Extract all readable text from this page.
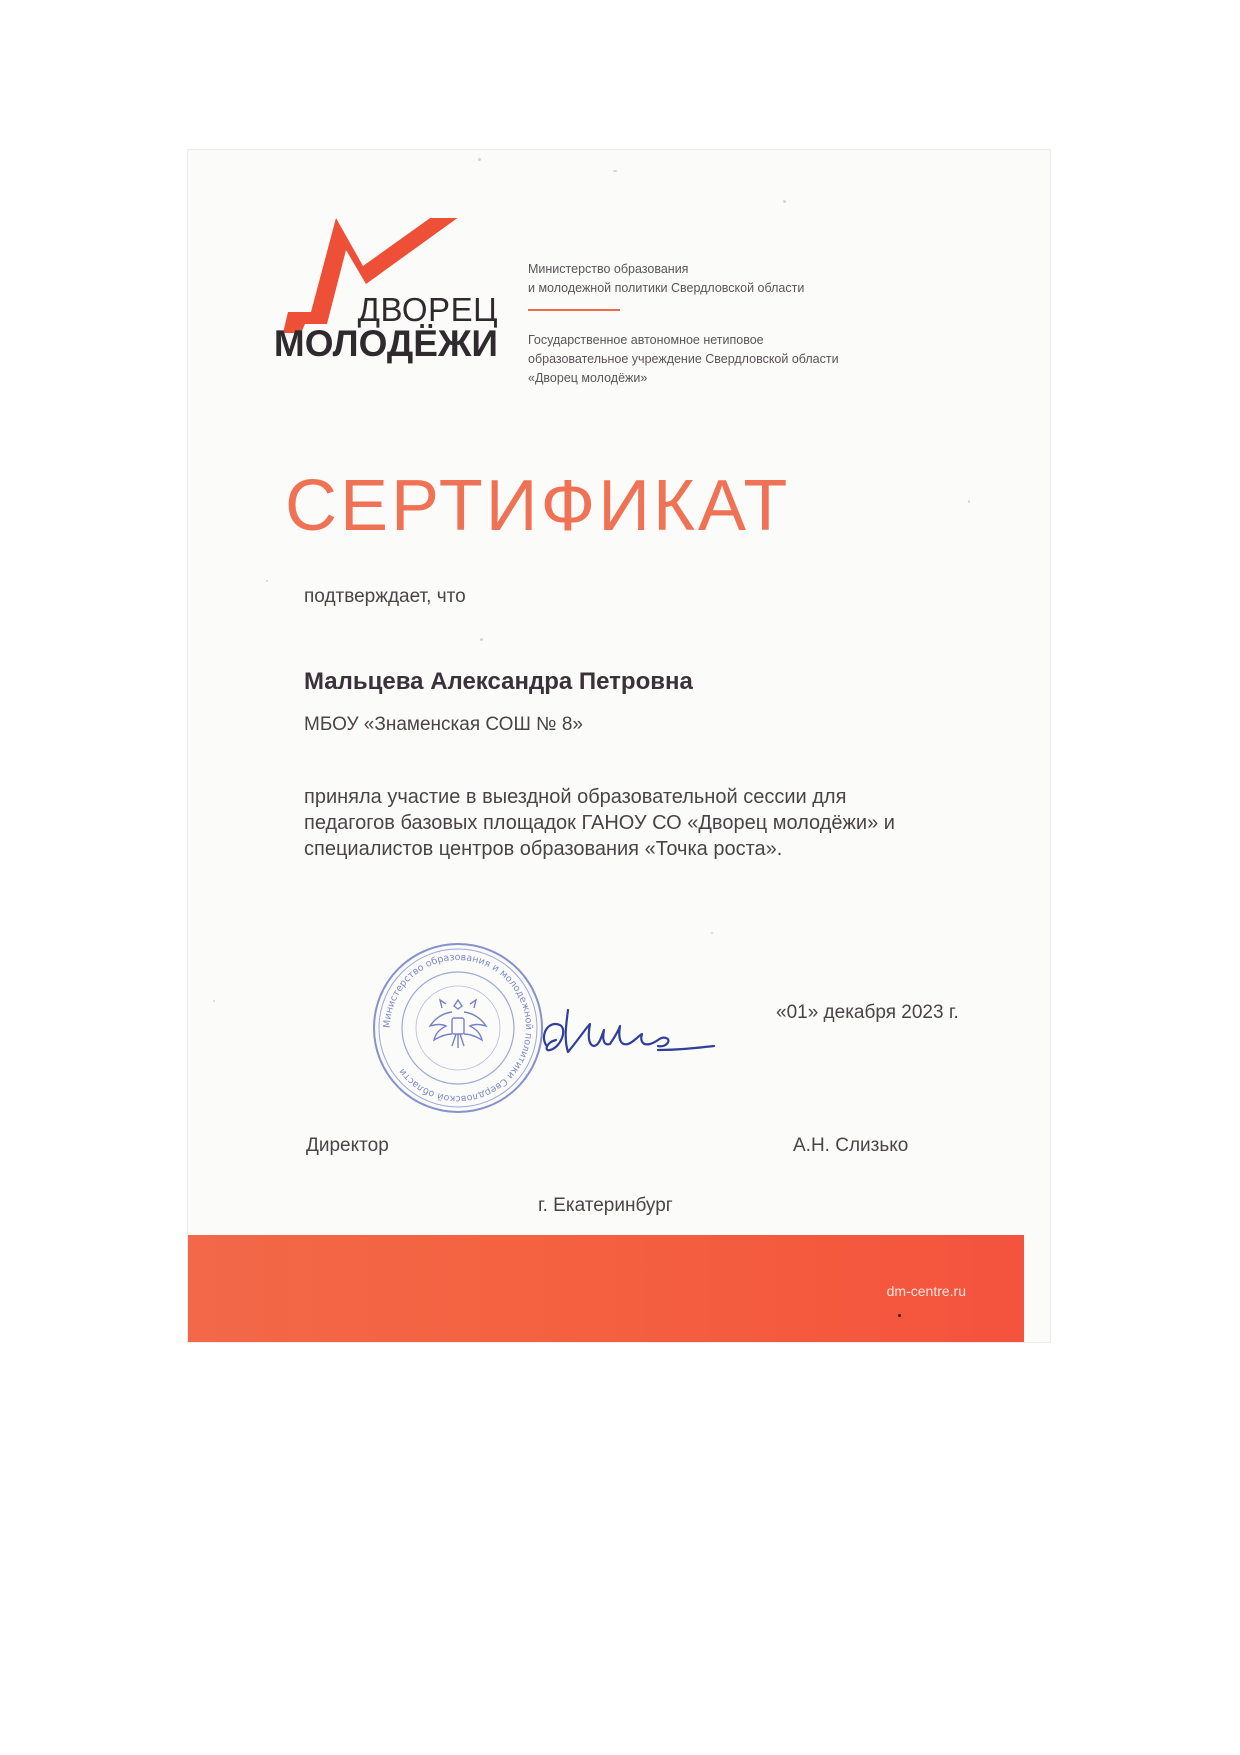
ДВОРЕЦ
МОЛОДЁЖИ
Министерство образования
и молодежной политики Свердловской области
Государственное автономное нетиповое
образовательное учреждение Свердловской области
«Дворец молодёжи»
СЕРТИФИКАТ
подтверждает, что
Мальцева Александра Петровна
МБОУ «Знаменская СОШ № 8»
приняла участие в выездной образовательной сессии для
педагогов базовых площадок ГАНОУ СО «Дворец молодёжи» и
специалистов центров образования «Точка роста».
Министерство образования и молодежной политики Свердловской области
«01» декабря 2023 г.
Директор	А.Н. Слизько
г. Екатеринбург
dm-centre.ru
